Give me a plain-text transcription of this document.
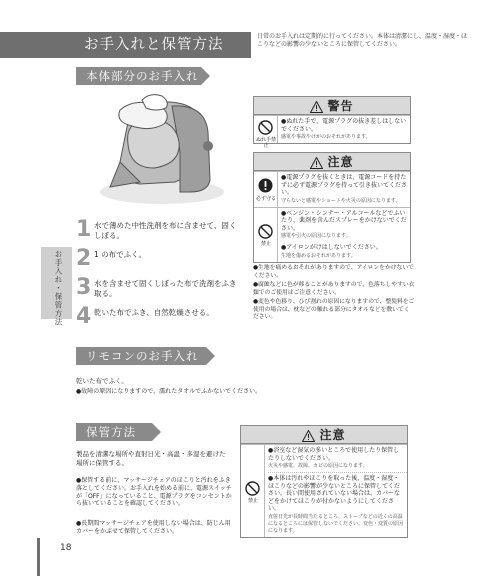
お手入れと保管方法
日常のお手入れは定期的に行ってください。本体は清潔にし、温度・湿度・ほこりなどの影響の少ないところに保管してください。
本体部分のお手入れ
1 水で薄めた中性洗剤を布に含ませて、固くしぼる。
2 1 の布でふく。
3 水を含ませて固くしぼった布で洗剤をふき取る。
4 乾いた布でふき、自然乾燥させる。
お手入れ・保管方法
警告
ぬれ手禁止
●ぬれた手で、電源プラグの抜き差しはしないでください。
感電や事故やけがのおそれがあります。
注意
必ず守る
●電源プラグを抜くときは、電源コードを持たずに必ず電源プラグを持って引き抜いてください。
守らないと感電やショートや火災の原因になります。
禁止
●ベンジン・シンナー・アルコールなどでふいたり、薬剤を含んだスプレーをかけないでください。
感電や引火の原因になります。
●アイロンがけはしないでください。
生地を傷めるおそれがあります。
●生地を痛めるおそれがありますので、アイロンをかけないでください。
●腐蝕などに色が移ることがありますので、色落ちしやすい衣類でのご使用はご注意ください。
●変色や色移り、ひび割れの原因になりますので、整髪料をご使用の場合は、枕などの触れる部分にタオルなどを敷いてください。
リモコンのお手入れ
乾いた布でふく。
●故障の原因になりますので、濡れたタオルでふかないでください。
保管方法
製品を清潔な場所や直射日光・高温・多湿を避けた場所に保管する。
●保管する前に、マッサージチェアのほこりと汚れをふき落としてください。お手入れを始める前に、電源スイッチが「OFF」になっていること、電源プラグをコンセントから抜いていることを確認してください。
●長期間マッサージチェアを使用しない場合は、防じん用カバーをかぶせて保管してください。
注意
禁止
●浴室など湿気の多いところで使用したり保管したりしないでください。
火災や感電、故障、カビの原因になります。
●本体は汚れやほこりを取った後、温度・湿度・ほこりなどの影響が少ないところに保管してください。長い間使用されていない場合は、カバーなどをかけてほこりが付かないようにしてください。
直射日光が長時間当たるところ、ストーブなどの近くの高温になるところには保管しないでください。変色・変質の原因になります。
18
